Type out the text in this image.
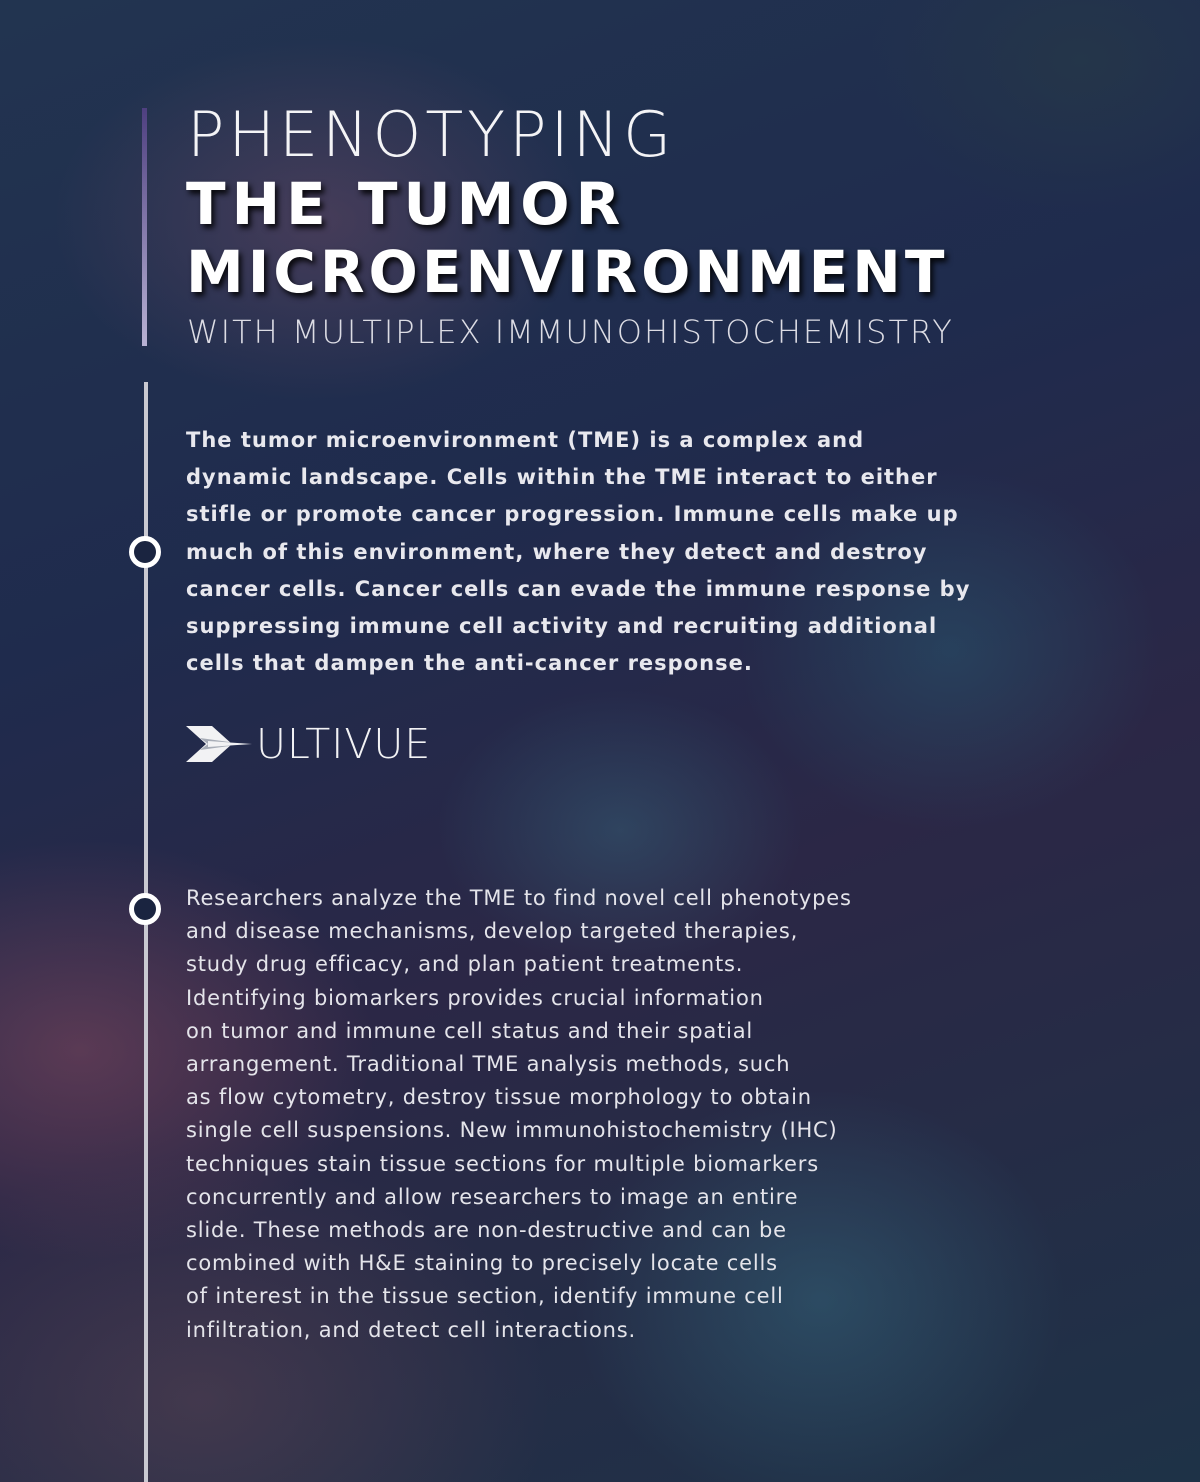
PHENOTYPING
THE TUMOR
MICROENVIRONMENT
WITH MULTIPLEX IMMUNOHISTOCHEMISTRY

The tumor microenvironment (TME) is a complex and
dynamic landscape. Cells within the TME interact to either
stifle or promote cancer progression. Immune cells make up
much of this environment, where they detect and destroy
cancer cells. Cancer cells can evade the immune response by
suppressing immune cell activity and recruiting additional
cells that dampen the anti-cancer response.

ULTIVUE

Researchers analyze the TME to find novel cell phenotypes
and disease mechanisms, develop targeted therapies,
study drug efficacy, and plan patient treatments.
Identifying biomarkers provides crucial information
on tumor and immune cell status and their spatial
arrangement. Traditional TME analysis methods, such
as flow cytometry, destroy tissue morphology to obtain
single cell suspensions. New immunohistochemistry (IHC)
techniques stain tissue sections for multiple biomarkers
concurrently and allow researchers to image an entire
slide. These methods are non-destructive and can be
combined with H&E staining to precisely locate cells
of interest in the tissue section, identify immune cell
infiltration, and detect cell interactions.
